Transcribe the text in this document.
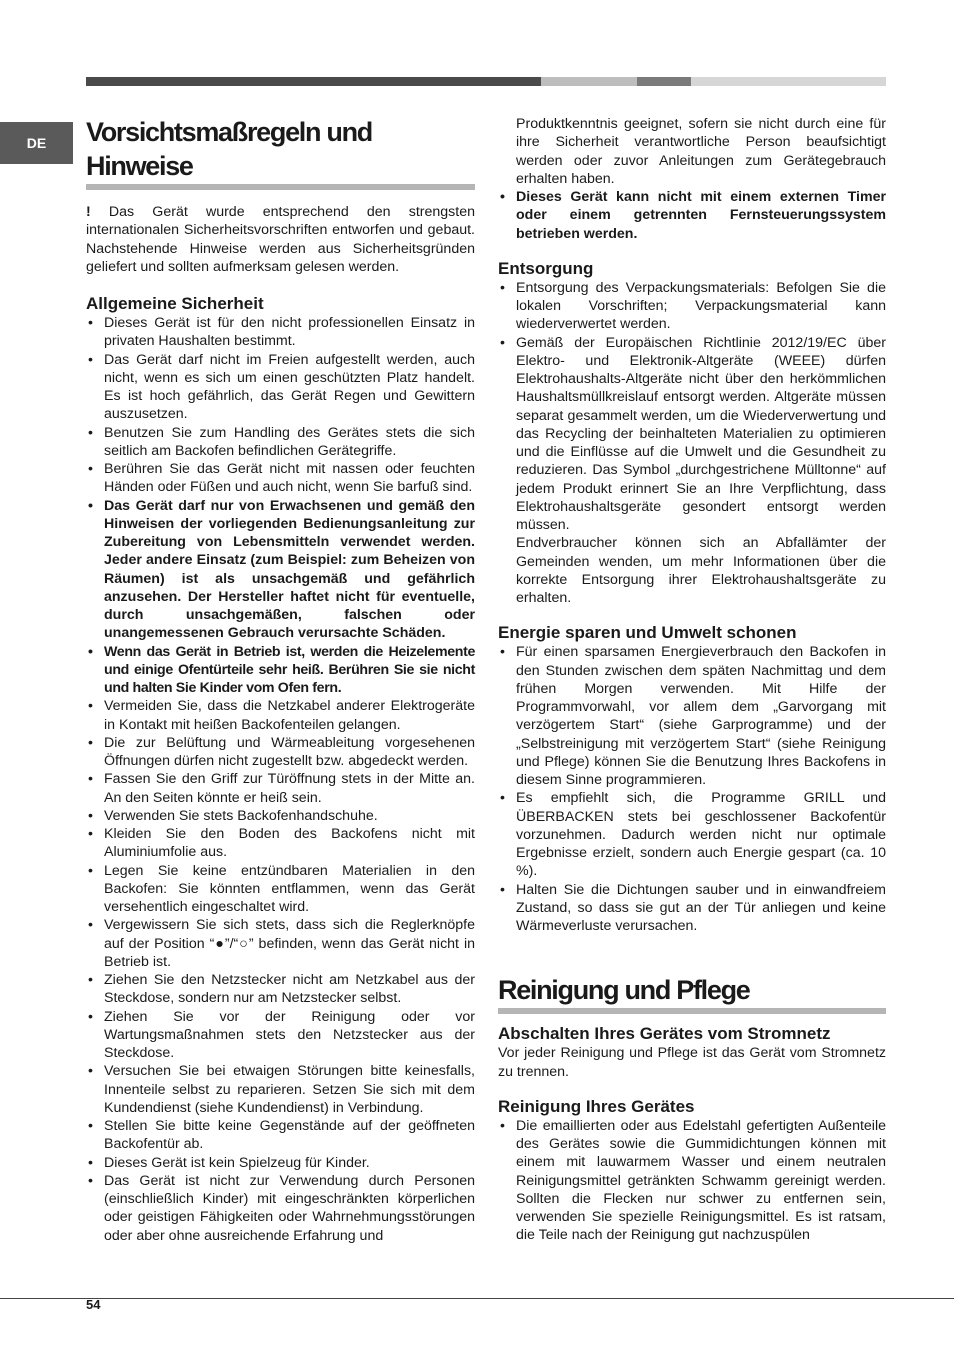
DE	Vorsichtsmaßregeln und Hinweise

! Das Gerät wurde entsprechend den strengsten internationalen Sicherheitsvorschriften entworfen und gebaut. Nachstehende Hinweise werden aus Sicherheitsgründen geliefert und sollten aufmerksam gelesen werden.

Allgemeine Sicherheit
• Dieses Gerät ist für den nicht professionellen Einsatz in privaten Haushalten bestimmt.
• Das Gerät darf nicht im Freien aufgestellt werden, auch nicht, wenn es sich um einen geschützten Platz handelt. Es ist hoch gefährlich, das Gerät Regen und Gewittern auszusetzen.
• Benutzen Sie zum Handling des Gerätes stets die sich seitlich am Backofen befindlichen Gerätegriffe.
• Berühren Sie das Gerät nicht mit nassen oder feuchten Händen oder Füßen und auch nicht, wenn Sie barfuß sind.
• Das Gerät darf nur von Erwachsenen und gemäß den Hinweisen der vorliegenden Bedienungsanleitung zur Zubereitung von Lebensmitteln verwendet werden. Jeder andere Einsatz (zum Beispiel: zum Beheizen von Räumen) ist als unsachgemäß und gefährlich anzusehen. Der Hersteller haftet nicht für eventuelle, durch unsachgemäßen, falschen oder unangemessenen Gebrauch verursachte Schäden.
• Wenn das Gerät in Betrieb ist, werden die Heizelemente und einige Ofentürteile sehr heiß. Berühren Sie sie nicht und halten Sie Kinder vom Ofen fern.
• Vermeiden Sie, dass die Netzkabel anderer Elektrogeräte in Kontakt mit heißen Backofenteilen gelangen.
• Die zur Belüftung und Wärmeableitung vorgesehenen Öffnungen dürfen nicht zugestellt bzw. abgedeckt werden.
• Fassen Sie den Griff zur Türöffnung stets in der Mitte an. An den Seiten könnte er heiß sein.
• Verwenden Sie stets Backofenhandschuhe.
• Kleiden Sie den Boden des Backofens nicht mit Aluminiumfolie aus.
• Legen Sie keine entzündbaren Materialien in den Backofen: Sie könnten entflammen, wenn das Gerät versehentlich eingeschaltet wird.
• Vergewissern Sie sich stets, dass sich die Reglerknöpfe auf der Position “●”/“○” befinden, wenn das Gerät nicht in Betrieb ist.
• Ziehen Sie den Netzstecker nicht am Netzkabel aus der Steckdose, sondern nur am Netzstecker selbst.
• Ziehen Sie vor der Reinigung oder vor Wartungsmaßnahmen stets den Netzstecker aus der Steckdose.
• Versuchen Sie bei etwaigen Störungen bitte keinesfalls, Innenteile selbst zu reparieren. Setzen Sie sich mit dem Kundendienst (siehe Kundendienst) in Verbindung.
• Stellen Sie bitte keine Gegenstände auf der geöffneten Backofentür ab.
• Dieses Gerät ist kein Spielzeug für Kinder.
• Das Gerät ist nicht zur Verwendung durch Personen (einschließlich Kinder) mit eingeschränkten körperlichen oder geistigen Fähigkeiten oder Wahrnehmungsstörungen oder aber ohne ausreichende Erfahrung und

Produktkenntnis geeignet, sofern sie nicht durch eine für ihre Sicherheit verantwortliche Person beaufsichtigt werden oder zuvor Anleitungen zum Gerätegebrauch erhalten haben.

• Dieses Gerät kann nicht mit einem externen Timer oder einem getrennten Fernsteuerungssystem betrieben werden.
Entsorgung
• Entsorgung des Verpackungsmaterials: Befolgen Sie die lokalen Vorschriften; Verpackungsmaterial kann wiederverwertet werden.
• Gemäß der Europäischen Richtlinie 2012/19/EC über Elektro- und Elektronik-Altgeräte (WEEE) dürfen Elektrohaushalts-Altgeräte nicht über den herkömmlichen Haushaltsmüllkreislauf entsorgt werden. Altgeräte müssen separat gesammelt werden, um die Wiederverwertung und das Recycling der beinhalteten Materialien zu optimieren und die Einflüsse auf die Umwelt und die Gesundheit zu reduzieren. Das Symbol „durchgestrichene Mülltonne“ auf jedem Produkt erinnert Sie an Ihre Verpflichtung, dass Elektrohaushaltsgeräte gesondert entsorgt werden müssen.
Endverbraucher können sich an Abfallämter der Gemeinden wenden, um mehr Informationen über die korrekte Entsorgung ihrer Elektrohaushaltsgeräte zu erhalten.
Energie sparen und Umwelt schonen
• Für einen sparsamen Energieverbrauch den Backofen in den Stunden zwischen dem späten Nachmittag und dem frühen Morgen verwenden. Mit Hilfe der Programmvorwahl, vor allem dem „Garvorgang mit verzögertem Start“ (siehe Garprogramme) und der „Selbstreinigung mit verzögertem Start“ (siehe Reinigung und Pflege) können Sie die Benutzung Ihres Backofens in diesem Sinne programmieren.
• Es empfiehlt sich, die Programme GRILL und ÜBERBACKEN stets bei geschlossener Backofentür vorzunehmen. Dadurch werden nicht nur optimale Ergebnisse erzielt, sondern auch Energie gespart (ca. 10 %).
• Halten Sie die Dichtungen sauber und in einwandfreiem Zustand, so dass sie gut an der Tür anliegen und keine Wärmeverluste verursachen.
Reinigung und Pflege
Abschalten Ihres Gerätes vom Stromnetz

Vor jeder Reinigung und Pflege ist das Gerät vom Stromnetz zu trennen.

Reinigung Ihres Gerätes
• Die emaillierten oder aus Edelstahl gefertigten Außenteile des Gerätes sowie die Gummidichtungen können mit einem mit lauwarmem Wasser und einem neutralen Reinigungsmittel getränkten Schwamm gereinigt werden. Sollten die Flecken nur schwer zu entfernen sein, verwenden Sie spezielle Reinigungsmittel. Es ist ratsam, die Teile nach der Reinigung gut nachzuspülen
54
